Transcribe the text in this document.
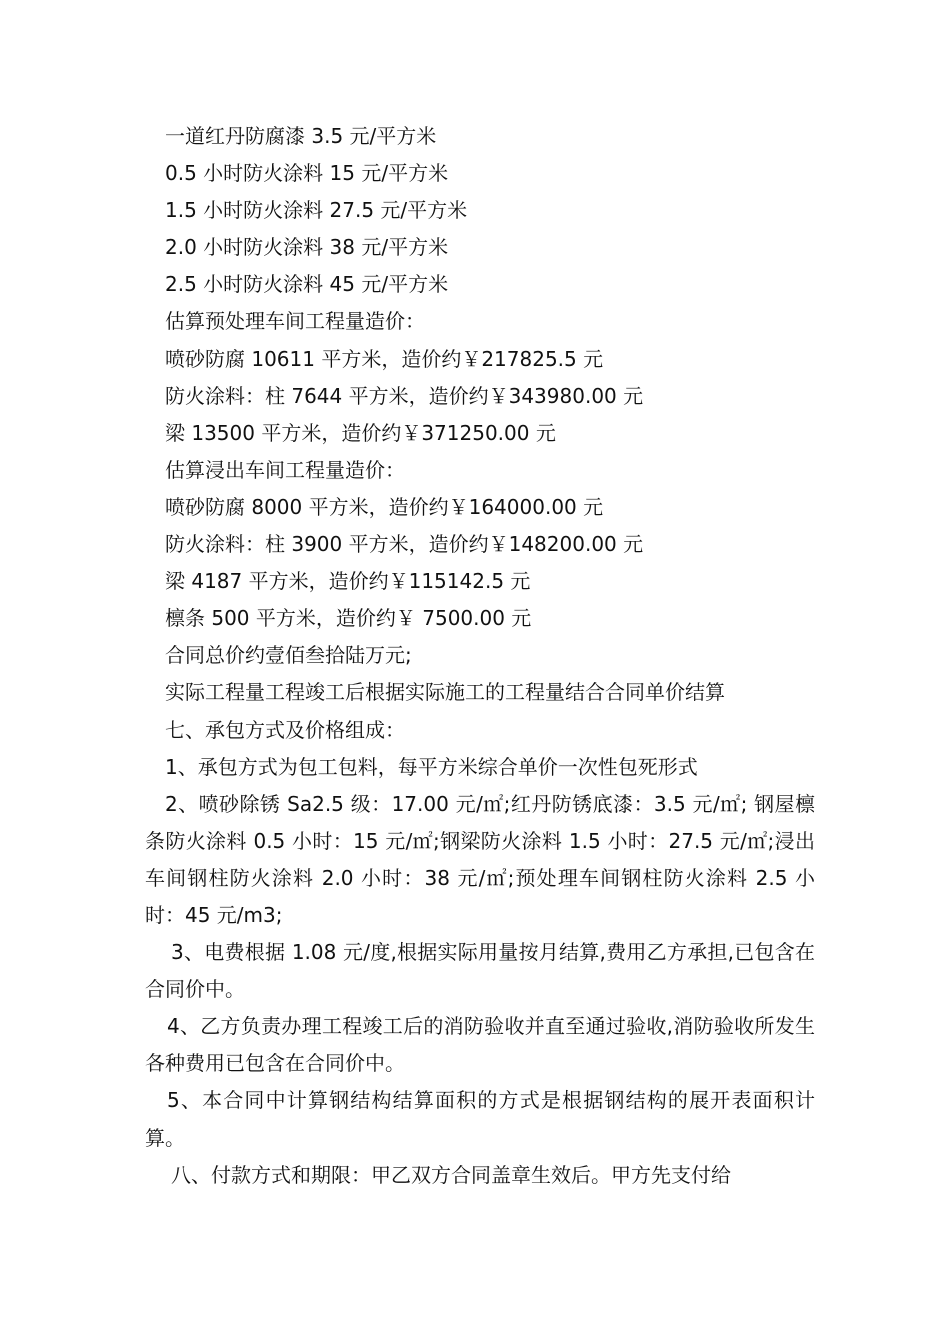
一道红丹防腐漆 3.5 元/平方米
0.5 小时防火涂料 15 元/平方米
1.5 小时防火涂料 27.5 元/平方米
2.0 小时防火涂料 38 元/平方米
2.5 小时防火涂料 45 元/平方米
估算预处理车间工程量造价：
喷砂防腐 10611 平方米，造价约￥217825.5 元
防火涂料：柱 7644 平方米，造价约￥343980.00 元
梁 13500 平方米，造价约￥371250.00 元
估算浸出车间工程量造价：
喷砂防腐 8000 平方米，造价约￥164000.00 元
防火涂料：柱 3900 平方米，造价约￥148200.00 元
梁 4187 平方米，造价约￥115142.5 元
檩条 500 平方米，造价约￥ 7500.00 元
合同总价约壹佰叁拾陆万元;
实际工程量工程竣工后根据实际施工的工程量结合合同单价结算
七、承包方式及价格组成：
1、承包方式为包工包料，每平方米综合单价一次性包死形式
2、喷砂除锈 Sa2.5 级：17.00 元/㎡;红丹防锈底漆：3.5 元/㎡; 钢屋檩条防火涂料 0.5 小时：15 元/㎡;钢梁防火涂料 1.5 小时：27.5 元/㎡;浸出车间钢柱防火涂料 2.0 小时：38 元/㎡;预处理车间钢柱防火涂料 2.5 小时：45 元/m3;
3、电费根据 1.08 元/度,根据实际用量按月结算,费用乙方承担,已包含在合同价中。
4、乙方负责办理工程竣工后的消防验收并直至通过验收,消防验收所发生各种费用已包含在合同价中。
5、本合同中计算钢结构结算面积的方式是根据钢结构的展开表面积计算。
八、付款方式和期限：甲乙双方合同盖章生效后。甲方先支付给
